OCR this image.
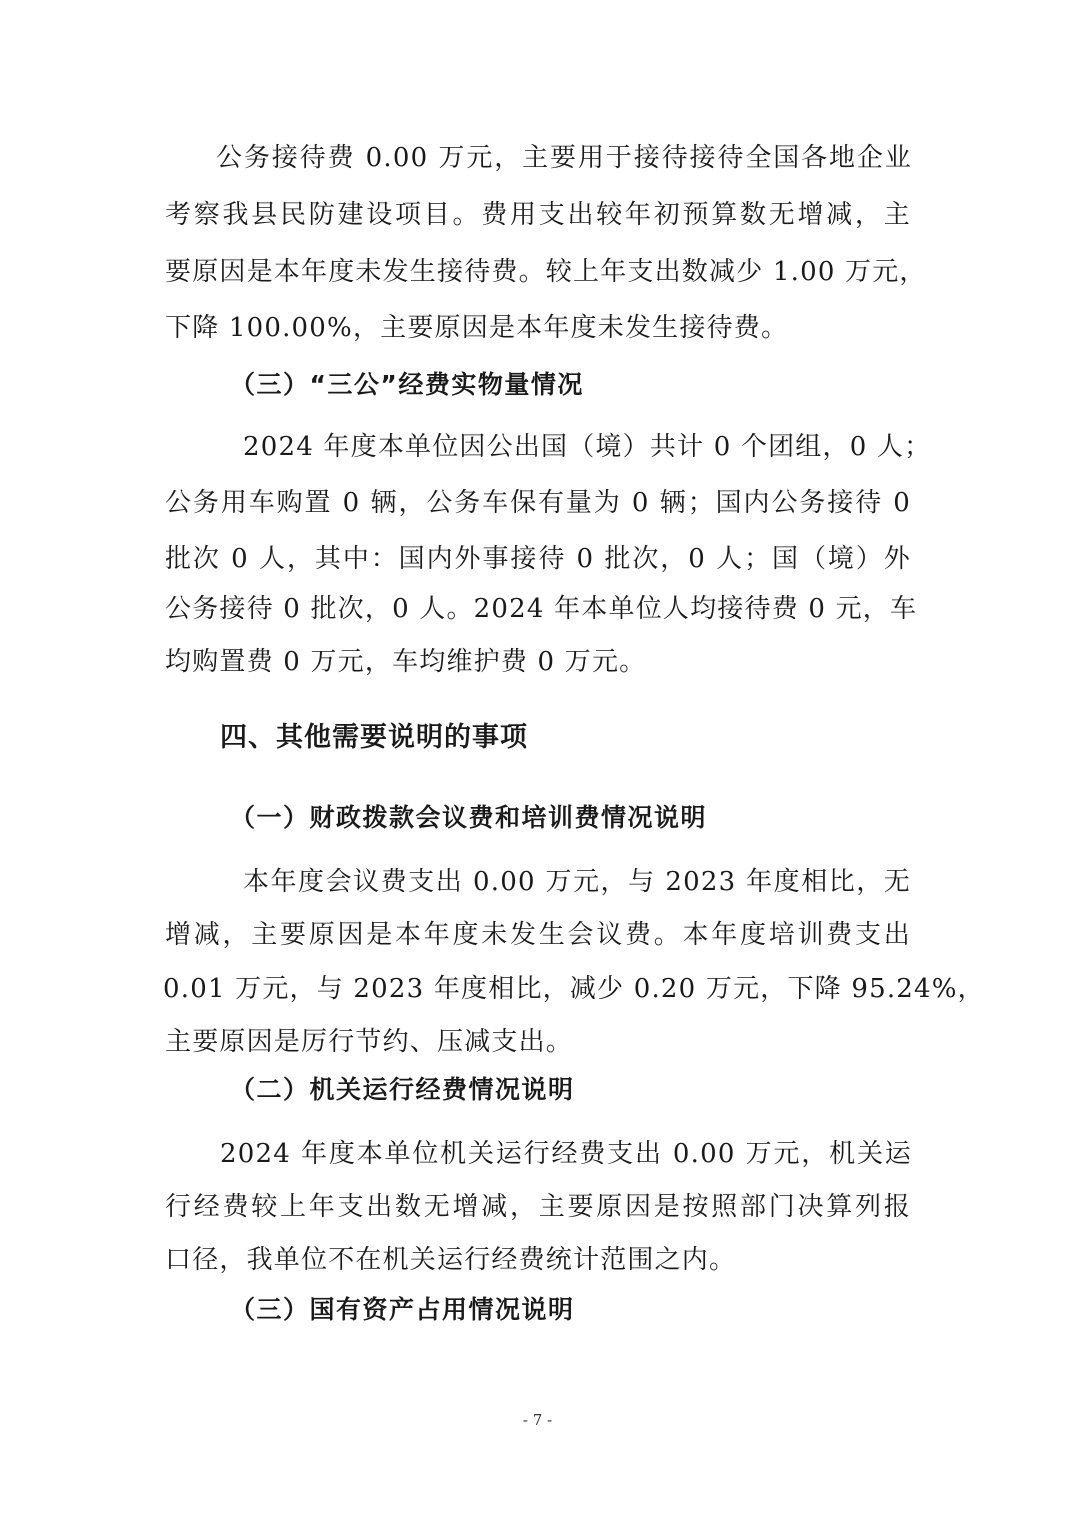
公务接待费 0.00 万元，主要用于接待接待全国各地企业
考察我县民防建设项目。费用支出较年初预算数无增减，主
要原因是本年度未发生接待费。较上年支出数减少 1.00 万元，
下降 100.00%，主要原因是本年度未发生接待费。
（三）“三公”经费实物量情况
2024 年度本单位因公出国（境）共计 0 个团组，0 人；
公务用车购置 0 辆，公务车保有量为 0 辆；国内公务接待 0
批次 0 人，其中：国内外事接待 0 批次，0 人；国（境）外
公务接待 0 批次，0 人。2024 年本单位人均接待费 0 元，车
均购置费 0 万元，车均维护费 0 万元。
四、其他需要说明的事项
（一）财政拨款会议费和培训费情况说明
本年度会议费支出 0.00 万元，与 2023 年度相比，无
增减，主要原因是本年度未发生会议费。本年度培训费支出
0.01 万元，与 2023 年度相比，减少 0.20 万元，下降 95.24%，
主要原因是厉行节约、压减支出。
（二）机关运行经费情况说明
2024 年度本单位机关运行经费支出 0.00 万元，机关运
行经费较上年支出数无增减，主要原因是按照部门决算列报
口径，我单位不在机关运行经费统计范围之内。
（三）国有资产占用情况说明
- 7 -
